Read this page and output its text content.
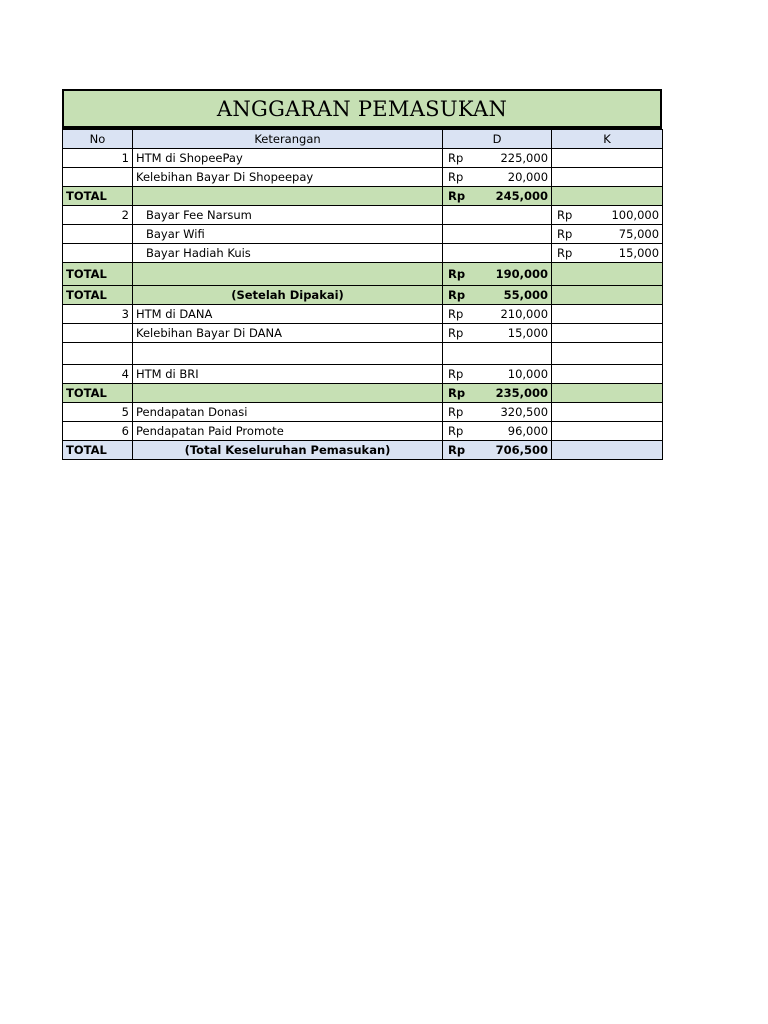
ANGGARAN PEMASUKAN
No	Keterangan	D		K	
1	HTM di ShopeePay	Rp	225,000		
	Kelebihan Bayar Di Shopeepay	Rp	20,000		
TOTAL		Rp	245,000		
2	Bayar Fee Narsum			Rp	100,000
	Bayar Wifi			Rp	75,000
	Bayar Hadiah Kuis			Rp	15,000
TOTAL		Rp	190,000		
TOTAL	(Setelah Dipakai)	Rp	55,000		
3	HTM di DANA	Rp	210,000		
	Kelebihan Bayar Di DANA	Rp	15,000		

4	HTM di BRI	Rp	10,000		
TOTAL		Rp	235,000		
5	Pendapatan Donasi	Rp	320,500		
6	Pendapatan Paid Promote	Rp	96,000		
TOTAL	(Total Keseluruhan Pemasukan)	Rp	706,500		
